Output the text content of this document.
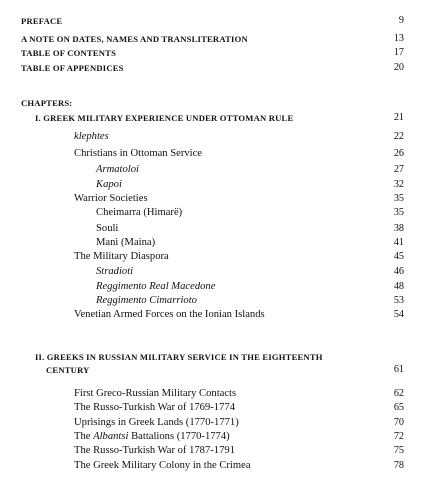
PREFACE	9
A NOTE ON DATES, NAMES AND TRANSLITERATION	13
TABLE OF CONTENTS	17
TABLE OF APPENDICES	20
CHAPTERS:
I. GREEK MILITARY EXPERIENCE UNDER OTTOMAN RULE	21
klephtes	22
Christians in Ottoman Service	26
Armatoloi	27
Kapoi	32
Warrior Societies	35
Cheimarra (Himarë)	35
Souli	38
Mani (Maina)	41
The Military Diaspora	45
Stradioti	46
Reggimento Real Macedone	48
Reggimento Cimarrioto	53
Venetian Armed Forces on the Ionian Islands	54
II. GREEKS IN RUSSIAN MILITARY SERVICE IN THE EIGHTEENTH
CENTURY	61
First Greco-Russian Military Contacts	62
The Russo-Turkish War of 1769-1774	65
Uprisings in Greek Lands (1770-1771)	70
The Albantsi Battalions (1770-1774)	72
The Russo-Turkish War of 1787-1791	75
The Greek Military Colony in the Crimea	78
